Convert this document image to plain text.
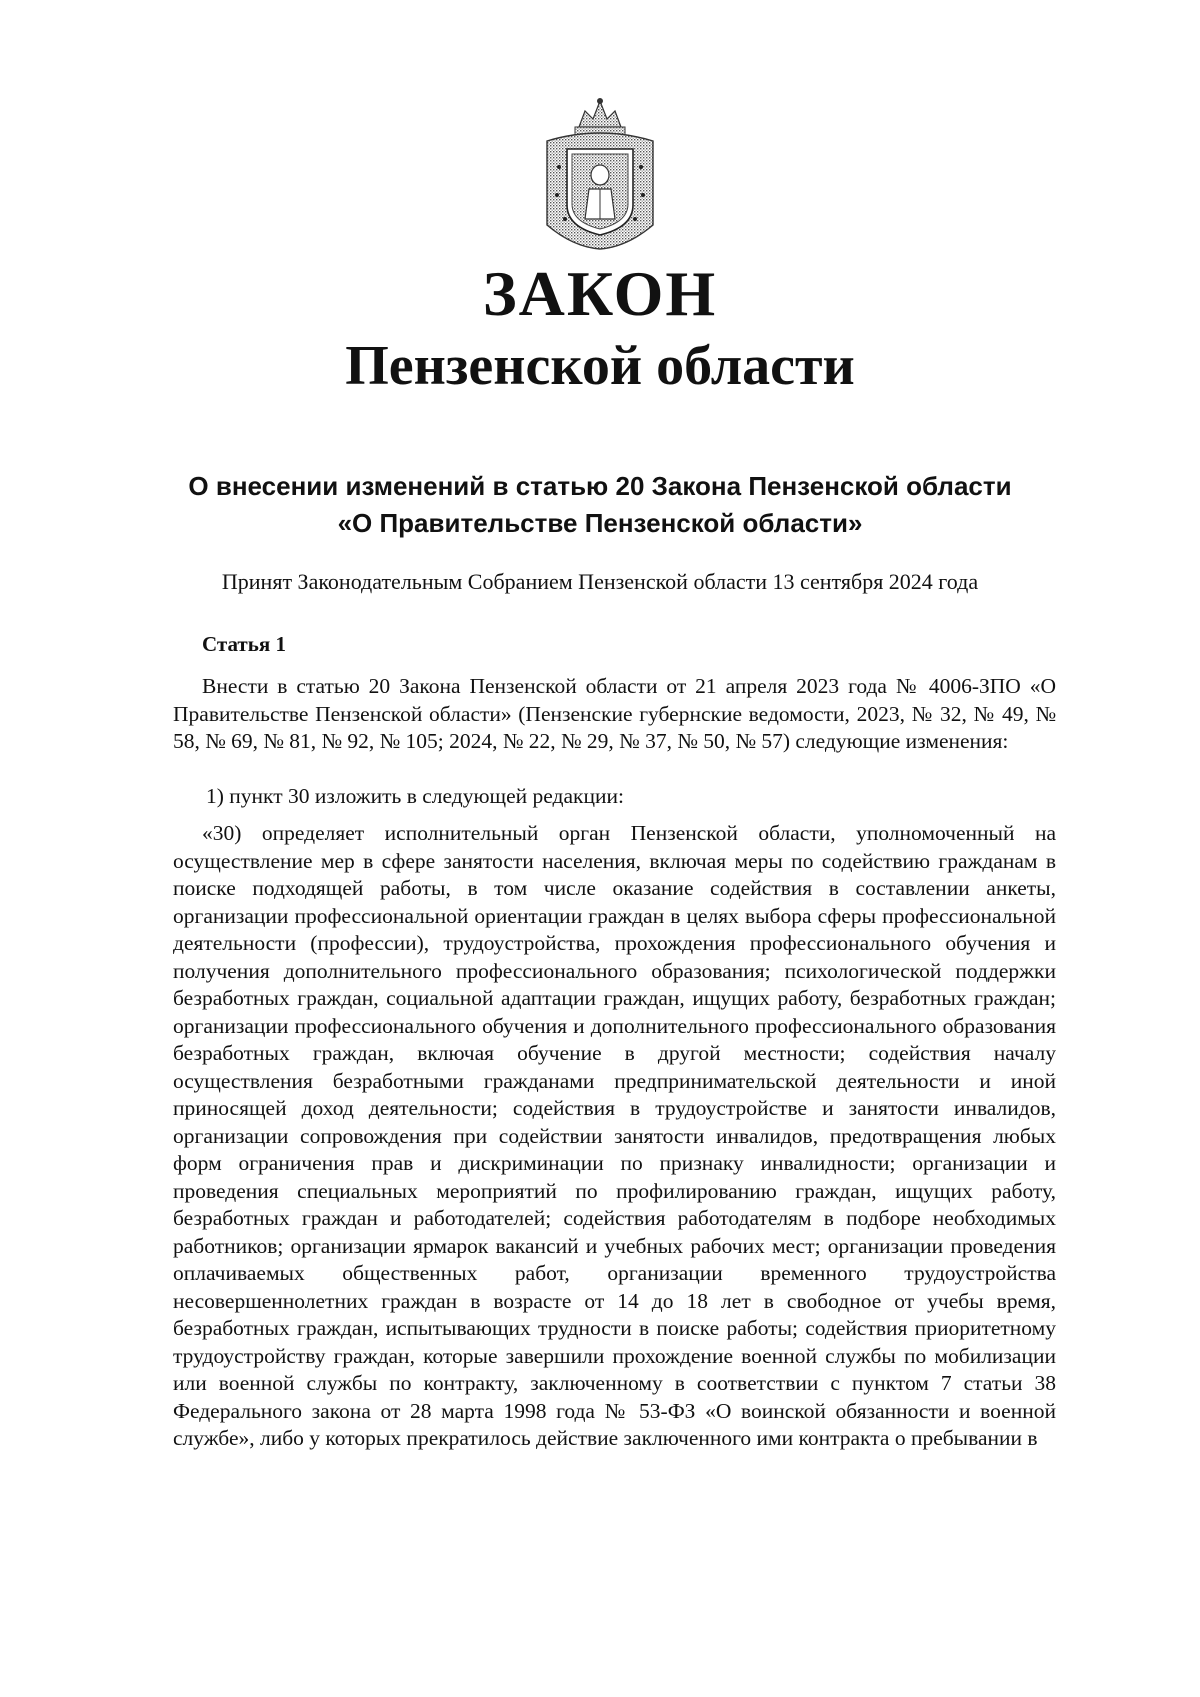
ЗАКОН
Пензенской области
О внесении изменений в статью 20 Закона Пензенской области
«О Правительстве Пензенской области»
Принят Законодательным Собранием Пензенской области 13 сентября 2024 года
Статья 1
Внести в статью 20 Закона Пензенской области от 21 апреля 2023 года № 4006-ЗПО «О Правительстве Пензенской области» (Пензенские губернские ведомости, 2023, № 32, № 49, № 58, № 69, № 81, № 92, № 105; 2024, № 22, № 29, № 37, № 50, № 57) следующие изменения:
1) пункт 30 изложить в следующей редакции:
«30) определяет исполнительный орган Пензенской области, уполномоченный на осуществление мер в сфере занятости населения, включая меры по содействию гражданам в поиске подходящей работы, в том числе оказание содействия в составлении анкеты, организации профессиональной ориентации граждан в целях выбора сферы профессиональной деятельности (профессии), трудоустройства, прохождения профессионального обучения и получения дополнительного профессионального образования; психологической поддержки безработных граждан, социальной адаптации граждан, ищущих работу, безработных граждан; организации профессионального обучения и дополнительного профессионального образования безработных граждан, включая обучение в другой местности; содействия началу осуществления безработными гражданами предпринимательской деятельности и иной приносящей доход деятельности; содействия в трудоустройстве и занятости инвалидов, организации сопровождения при содействии занятости инвалидов, предотвращения любых форм ограничения прав и дискриминации по признаку инвалидности; организации и проведения специальных мероприятий по профилированию граждан, ищущих работу, безработных граждан и работодателей; содействия работодателям в подборе необходимых работников; организации ярмарок вакансий и учебных рабочих мест; организации проведения оплачиваемых общественных работ, организации временного трудоустройства несовершеннолетних граждан в возрасте от 14 до 18 лет в свободное от учебы время, безработных граждан, испытывающих трудности в поиске работы; содействия приоритетному трудоустройству граждан, которые завершили прохождение военной службы по мобилизации или военной службы по контракту, заключенному в соответствии с пунктом 7 статьи 38 Федерального закона от 28 марта 1998 года № 53-ФЗ «О воинской обязанности и военной службе», либо у которых прекратилось действие заключенного ими контракта о пребывании в
